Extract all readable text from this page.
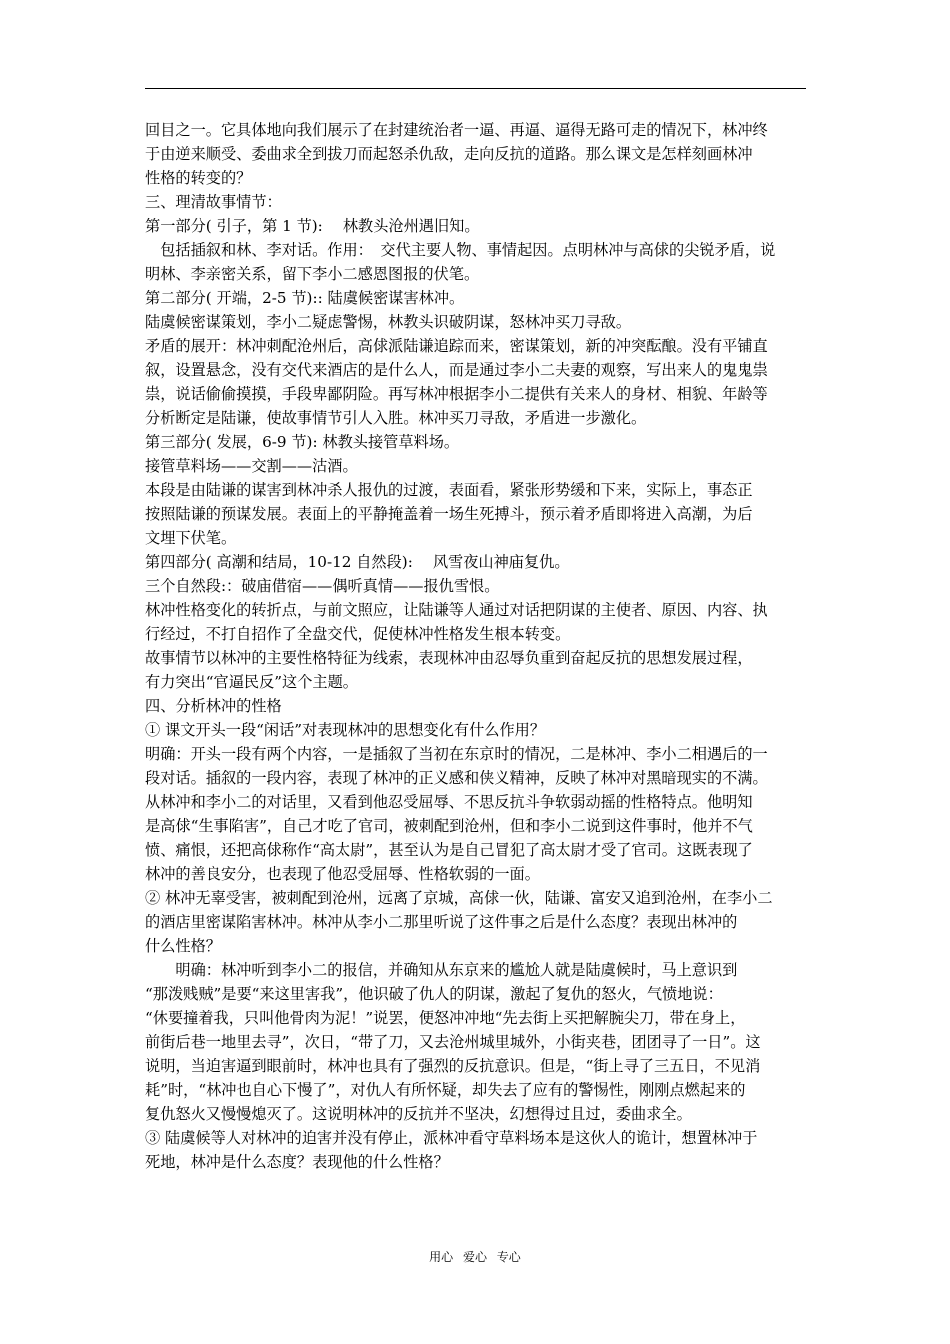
回目之一。它具体地向我们展示了在封建统治者一逼、再逼、逼得无路可走的情况下，林冲终
于由逆来顺受、委曲求全到拔刀而起怒杀仇敌，走向反抗的道路。那么课文是怎样刻画林冲
性格的转变的？
三、理清故事情节：
第一部分( 引子，第 1 节):　 林教头沧州遇旧知。
　包括插叙和林、李对话。作用：　交代主要人物、事情起因。点明林冲与高俅的尖锐矛盾，说
明林、李亲密关系，留下李小二感恩图报的伏笔。
第二部分( 开端，2-5 节):: 陆虞候密谋害林冲。
陆虞候密谋策划，李小二疑虑警惕，林教头识破阴谋，怒林冲买刀寻敌。
矛盾的展开：林冲刺配沧州后，高俅派陆谦追踪而来，密谋策划，新的冲突酝酿。没有平铺直
叙，设置悬念，没有交代来酒店的是什么人，而是通过李小二夫妻的观察，写出来人的鬼鬼祟
祟，说话偷偷摸摸，手段卑鄙阴险。再写林冲根据李小二提供有关来人的身材、相貌、年龄等
分析断定是陆谦，使故事情节引人入胜。林冲买刀寻敌，矛盾进一步激化。
第三部分( 发展，6-9 节): 林教头接管草料场。
接管草料场——交割——沽酒。
本段是由陆谦的谋害到林冲杀人报仇的过渡，表面看，紧张形势缓和下来，实际上，事态正
按照陆谦的预谋发展。表面上的平静掩盖着一场生死搏斗，预示着矛盾即将进入高潮，为后
文埋下伏笔。
第四部分( 高潮和结局，10-12 自然段):　 风雪夜山神庙复仇。
三个自然段:：破庙借宿——偶听真情——报仇雪恨。
林冲性格变化的转折点，与前文照应，让陆谦等人通过对话把阴谋的主使者、原因、内容、执
行经过，不打自招作了全盘交代，促使林冲性格发生根本转变。
故事情节以林冲的主要性格特征为线索，表现林冲由忍辱负重到奋起反抗的思想发展过程，
有力突出“官逼民反”这个主题。
四、分析林冲的性格
① 课文开头一段“闲话”对表现林冲的思想变化有什么作用？
明确：开头一段有两个内容，一是插叙了当初在东京时的情况，二是林冲、李小二相遇后的一
段对话。插叙的一段内容，表现了林冲的正义感和侠义精神，反映了林冲对黑暗现实的不满。
从林冲和李小二的对话里，又看到他忍受屈辱、不思反抗斗争软弱动摇的性格特点。他明知
是高俅“生事陷害”，自己才吃了官司，被刺配到沧州，但和李小二说到这件事时，他并不气
愤、痛恨，还把高俅称作“高太尉”，甚至认为是自己冒犯了高太尉才受了官司。这既表现了
林冲的善良安分，也表现了他忍受屈辱、性格软弱的一面。
② 林冲无辜受害，被刺配到沧州，远离了京城，高俅一伙，陆谦、富安又追到沧州，在李小二
的酒店里密谋陷害林冲。林冲从李小二那里听说了这件事之后是什么态度？表现出林冲的
什么性格？
　　明确：林冲听到李小二的报信，并确知从东京来的尴尬人就是陆虞候时，马上意识到
“那泼贱贼”是要“来这里害我”，他识破了仇人的阴谋，激起了复仇的怒火，气愤地说：
“休要撞着我，只叫他骨肉为泥！”说罢，便怒冲冲地“先去街上买把解腕尖刀，带在身上，
前街后巷一地里去寻”，次日，“带了刀，又去沧州城里城外，小街夹巷，团团寻了一日”。这
说明，当迫害逼到眼前时，林冲也具有了强烈的反抗意识。但是，“街上寻了三五日，不见消
耗”时，“林冲也自心下慢了”，对仇人有所怀疑，却失去了应有的警惕性，刚刚点燃起来的
复仇怒火又慢慢熄灭了。这说明林冲的反抗并不坚决，幻想得过且过，委曲求全。
③ 陆虞候等人对林冲的迫害并没有停止，派林冲看守草料场本是这伙人的诡计，想置林冲于
死地，林冲是什么态度？表现他的什么性格？
用心 爱心 专心
